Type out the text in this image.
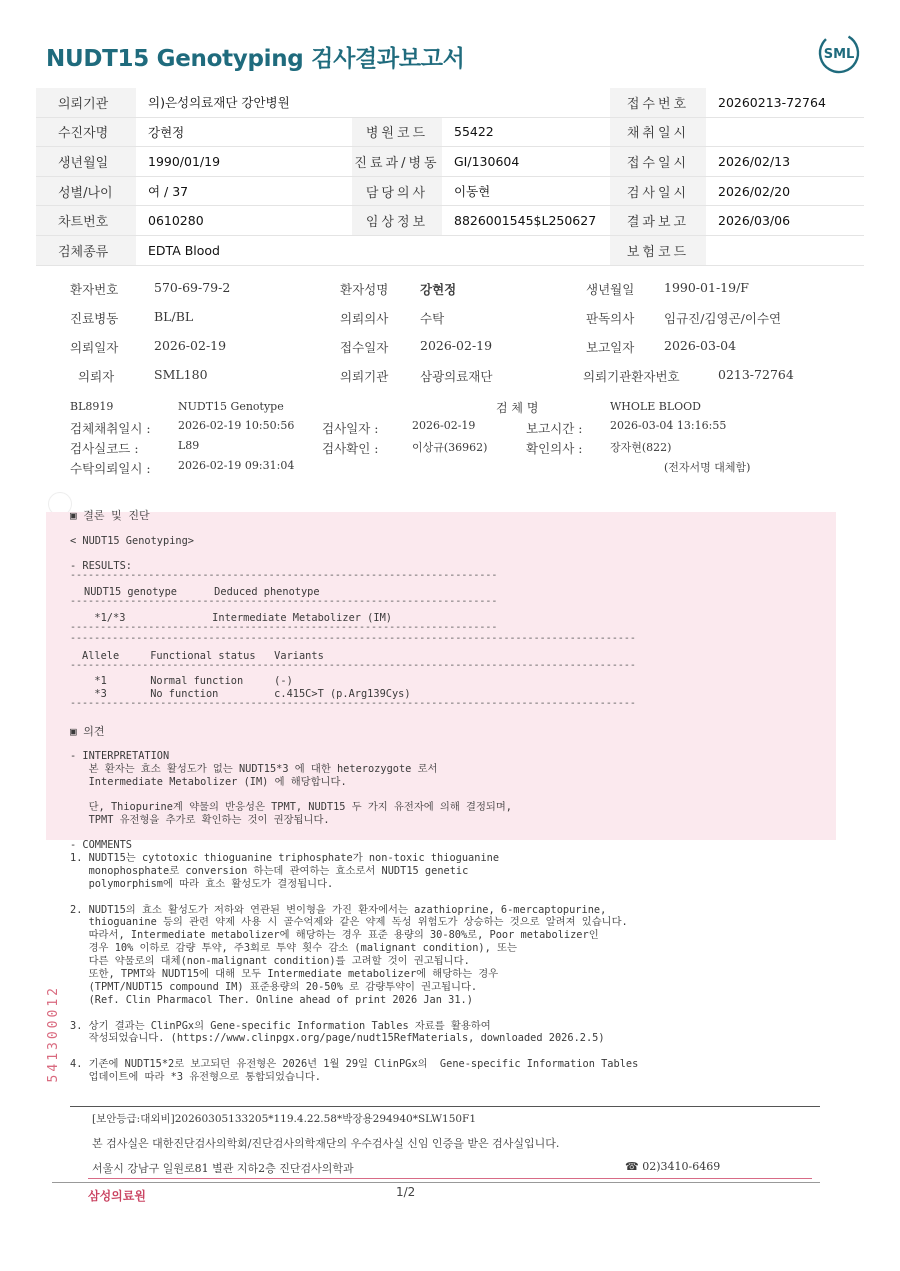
NUDT15 Genotyping 검사결과보고서	SML
의뢰기관	의)은성의료재단 강안병원			접수번호	20260213-72764
수진자명	강현정	병원코드	55422	채취일시	
생년월일	1990/01/19	진료과/병동	GI/130604	접수일시	2026/02/13
성별/나이	여 / 37	담당의사	이동현	검사일시	2026/02/20
차트번호	0610280	임상정보	8826001545$L250627	결과보고	2026/03/06
검체종류	EDTA Blood			보험코드	
환자번호	570-69-79-2	환자성명	강현정	생년월일 1990-01-19/F
진료병동	BL/BL	의뢰의사	수탁	판독의사 임규진/김영곤/이수연
의뢰일자	2026-02-19	접수일자	2026-02-19	보고일자 2026-03-04
의뢰자	SML180	의뢰기관	삼광의료재단	의뢰기관환자번호	0213-72764
BL8919	NUDT15 Genotype	검 체 명	WHOLE BLOOD
검체채취일시 : 2026-02-19 10:50:56 검사일자 :	2026-02-19	보고시간 :	2026-03-04 13:16:55
검사실코드 :	L89	검사확인 :	이상규(36962)	확인의사 :	장자현(822)
수탁의뢰일시 : 2026-02-19 09:31:04	(전자서명 대체함)
▣ 결론 및 진단
< NUDT15 Genotyping>
- RESULTS:
-----------------------------------------------------------------------
NUDT15 genotype      Deduced phenotype
-----------------------------------------------------------------------
*1/*3              Intermediate Metabolizer (IM)
-----------------------------------------------------------------------
----------------------------------------------------------------------------------------------
Allele     Functional status   Variants
----------------------------------------------------------------------------------------------
*1       Normal function     (-)
*3       No function         c.415C>T (p.Arg139Cys)
----------------------------------------------------------------------------------------------
▣ 의견
- INTERPRETATION
본 환자는 효소 활성도가 없는 NUDT15*3 에 대한 heterozygote 로서
Intermediate Metabolizer (IM) 에 해당합니다.
단, Thiopurine계 약물의 반응성은 TPMT, NUDT15 두 가지 유전자에 의해 결정되며,
TPMT 유전형을 추가로 확인하는 것이 권장됩니다.
- COMMENTS
1. NUDT15는 cytotoxic thioguanine triphosphate가 non-toxic thioguanine
monophosphate로 conversion 하는데 관여하는 효소로서 NUDT15 genetic
polymorphism에 따라 효소 활성도가 결정됩니다.
2. NUDT15의 효소 활성도가 저하와 연관된 변이형을 가진 환자에서는 azathioprine, 6-mercaptopurine,
thioguanine 등의 관련 약제 사용 시 골수억제와 같은 약제 독성 위험도가 상승하는 것으로 알려져 있습니다.
따라서, Intermediate metabolizer에 해당하는 경우 표준 용량의 30-80%로, Poor metabolizer인
경우 10% 이하로 감량 투약, 주3회로 투약 횟수 감소 (malignant condition), 또는
다른 약물로의 대체(non-malignant condition)를 고려할 것이 권고됩니다.
또한, TPMT와 NUDT15에 대해 모두 Intermediate metabolizer에 해당하는 경우
(TPMT/NUDT15 compound IM) 표준용량의 20-50% 로 감량투약이 권고됩니다.
(Ref. Clin Pharmacol Ther. Online ahead of print 2026 Jan 31.)
3. 상기 결과는 ClinPGx의 Gene-specific Information Tables 자료를 활용하여
작성되었습니다. (https://www.clinpgx.org/page/nudt15RefMaterials, downloaded 2026.2.5)
4. 기존에 NUDT15*2로 보고되던 유전형은 2026년 1월 29일 ClinPGx의  Gene-specific Information Tables
업데이트에 따라 *3 유전형으로 통합되었습니다.
541300012
[보안등급:대외비]20260305133205*119.4.22.58*박장용294940*SLW150F1
본 검사실은 대한진단검사의학회/진단검사의학재단의 우수검사실 신임 인증을 받은 검사실입니다.
서울시 강남구 일원로81 별관 지하2층 진단검사의학과	☎ 02)3410-6469
삼성의료원	1/2
